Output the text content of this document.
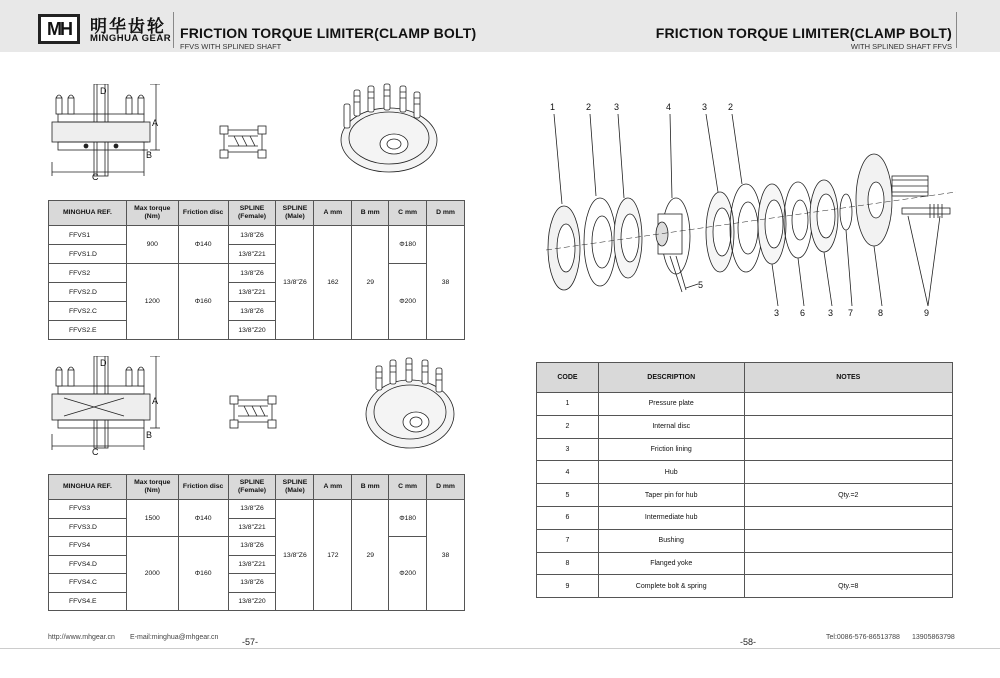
MH 明华齿轮
MINGHUA GEAR FRICTION TORQUE LIMITER(CLAMP BOLT)
FFVS WITH SPLINED SHAFT
FRICTION TORQUE LIMITER(CLAMP BOLT)
WITH SPLINED SHAFT FFVS
A
B
C
D
MINGHUA REF.	Max torque (Nm)	Friction disc	SPLINE (Female)	SPLINE (Male)	A mm	B mm	C mm	D mm
FFVS1	900	Φ140	13/8"Z6	13/8"Z6	162	29	Φ180	38
FFVS1.D			13/8"Z21					
FFVS2	1200	Φ160	13/8"Z6				Φ200	
FFVS2.D			13/8"Z21					
FFVS2.C			13/8"Z6					
FFVS2.E			13/8"Z20					
A
B
C
D
MINGHUA REF.	Max torque (Nm)	Friction disc	SPLINE (Female)	SPLINE (Male)	A mm	B mm	C mm	D mm
FFVS3	1500	Φ140	13/8"Z6	13/8"Z6	172	29	Φ180	38
FFVS3.D			13/8"Z21					
FFVS4	2000	Φ160	13/8"Z6				Φ200	
FFVS4.D			13/8"Z21					
FFVS4.C			13/8"Z6					
FFVS4.E			13/8"Z20					
1	2	3	4	3 2
5
3 6	3 7	8	9
CODE	DESCRIPTION	NOTES
1	Pressure plate	
2	Internal disc	
3	Friction lining	
4	Hub	
5	Taper pin for hub	Qty.=2
6	Intermediate hub	
7	Bushing	
8	Flanged yoke	
9	Complete bolt & spring	Qty.=8
http://www.mhgear.cn E-mail:minghua@mhgear.cn	-57-	-58-	Tel:0086-576-86513788 13905863798
